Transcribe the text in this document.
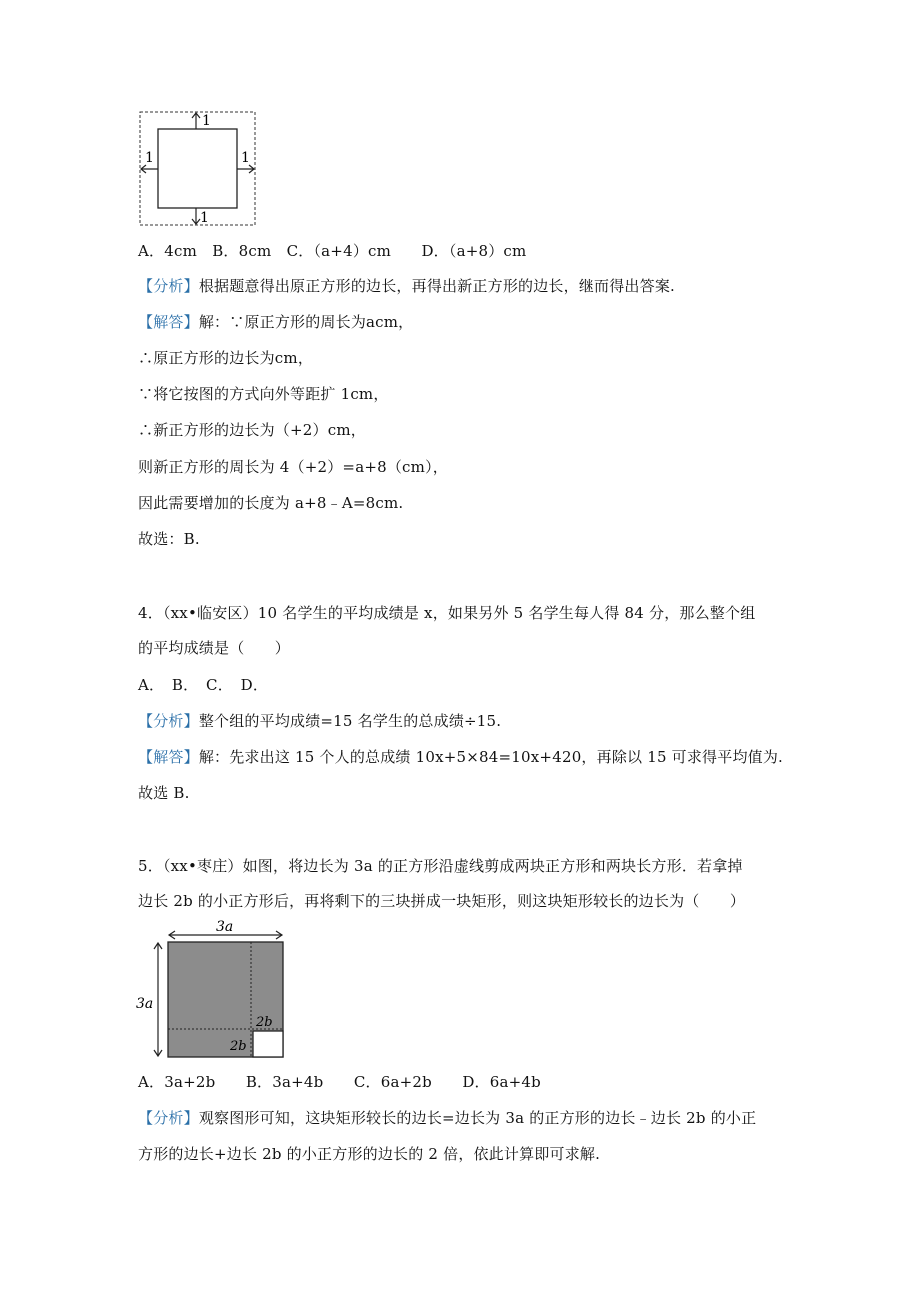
1
1	1
1
A．4cm　B．8cm　C．（a+4）cm　　D．（a+8）cm
【分析】根据题意得出原正方形的边长，再得出新正方形的边长，继而得出答案.
【解答】解：∵原正方形的周长为acm，
∴原正方形的边长为cm，
∵将它按图的方式向外等距扩 1cm，
∴新正方形的边长为（+2）cm，
则新正方形的周长为 4（+2）=a+8（cm），
因此需要增加的长度为 a+8﹣A=8cm.
故选：B.
4．（xx•临安区）10 名学生的平均成绩是 x，如果另外 5 名学生每人得 84 分，那么整个组
的平均成绩是（　　）
A．　B．　C．　D．
【分析】整个组的平均成绩=15 名学生的总成绩÷15.
【解答】解：先求出这 15 个人的总成绩 10x+5×84=10x+420，再除以 15 可求得平均值为.
故选 B.
5．（xx•枣庄）如图，将边长为 3a 的正方形沿虚线剪成两块正方形和两块长方形．若拿掉
边长 2b 的小正方形后，再将剩下的三块拼成一块矩形，则这块矩形较长的边长为（　　）
3a
3a
2b
2b
A．3a+2b　　B．3a+4b　　C．6a+2b　　D．6a+4b
【分析】观察图形可知，这块矩形较长的边长=边长为 3a 的正方形的边长﹣边长 2b 的小正
方形的边长+边长 2b 的小正方形的边长的 2 倍，依此计算即可求解.
